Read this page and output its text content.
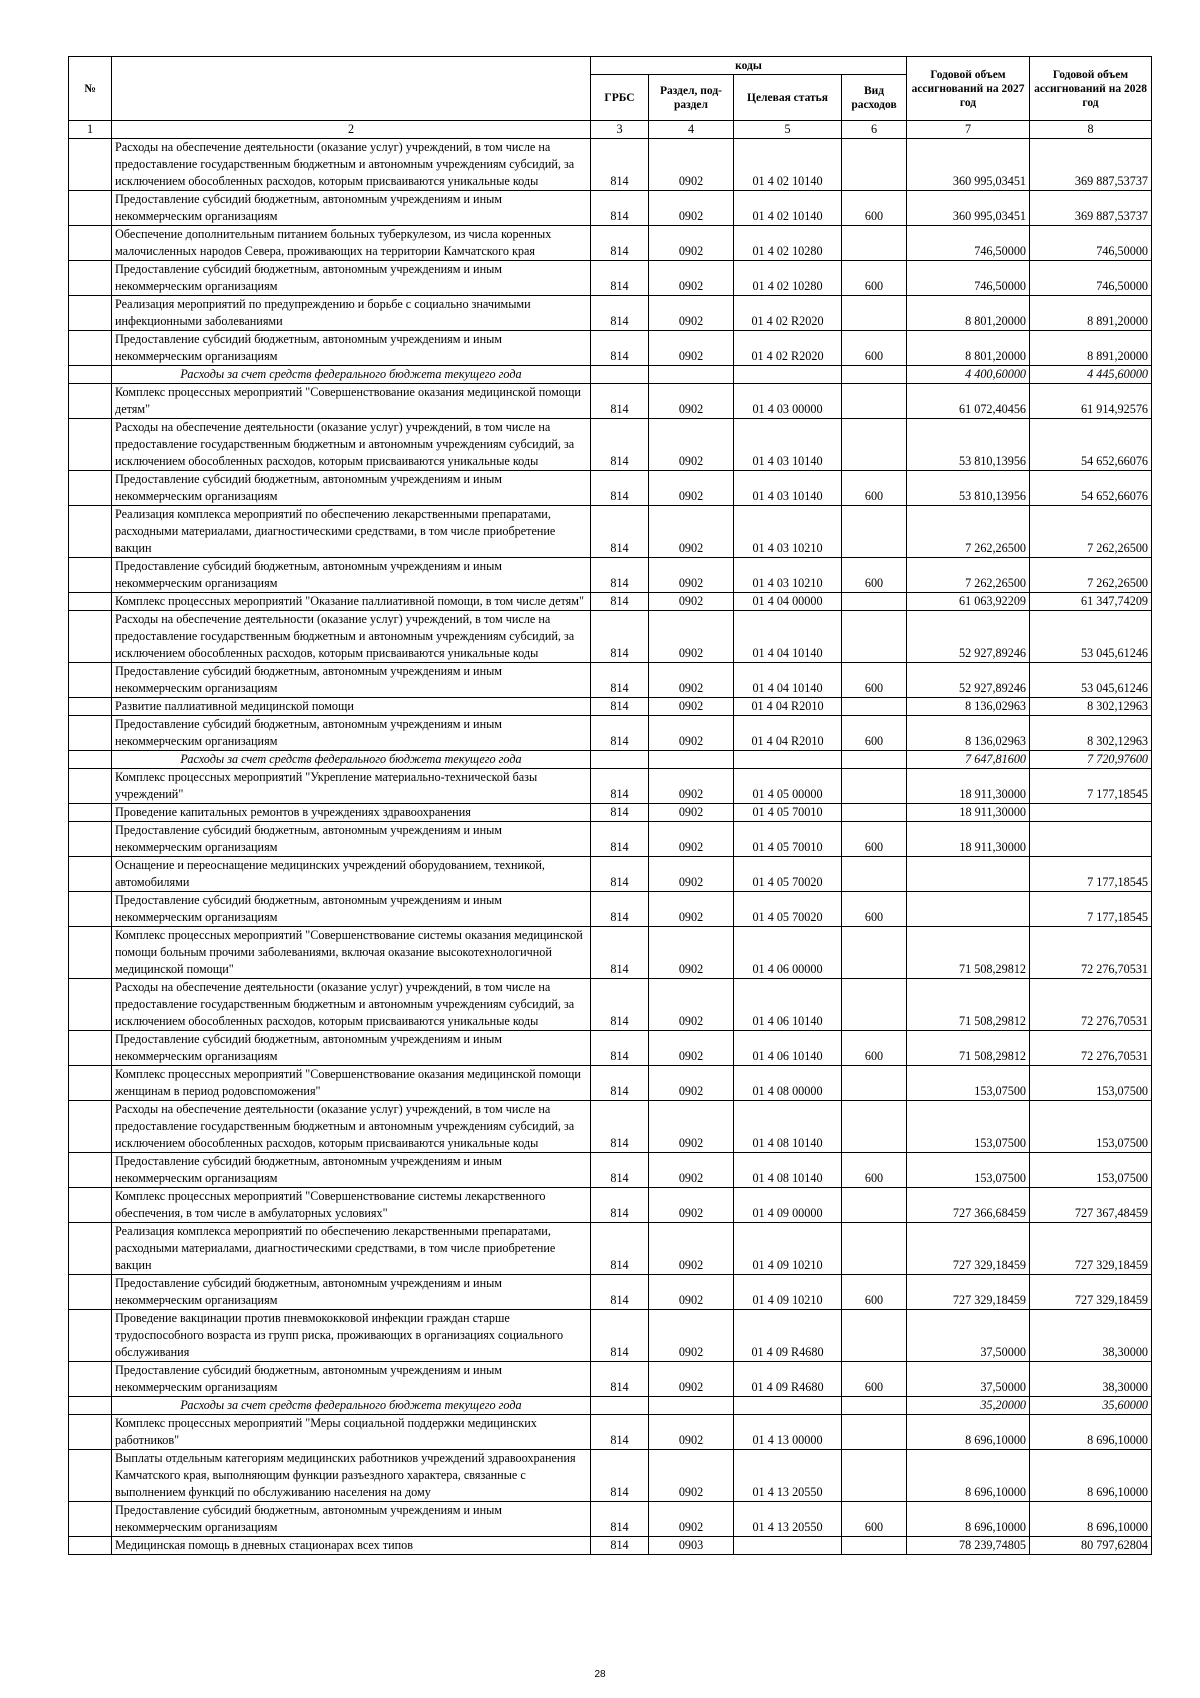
№		коды				Годовой объем ассигнований на 2027 год	Годовой объем ассигнований на 2028 год
		ГРБС	Раздел, под-раздел	Целевая статья	Вид расходов		
1	2	3	4	5	6	7	8
	Расходы на обеспечение деятельности (оказание услуг) учреждений, в том числе на предоставление государственным бюджетным и автономным учреждениям субсидий, за исключением обособленных расходов, которым присваиваются уникальные коды	814	0902	01 4 02 10140		360 995,03451	369 887,53737
	Предоставление субсидий бюджетным, автономным учреждениям и иным некоммерческим организациям	814	0902	01 4 02 10140	600	360 995,03451	369 887,53737
	Обеспечение дополнительным питанием больных туберкулезом, из числа коренных малочисленных народов Севера, проживающих на территории Камчатского края	814	0902	01 4 02 10280		746,50000	746,50000
	Предоставление субсидий бюджетным, автономным учреждениям и иным некоммерческим организациям	814	0902	01 4 02 10280	600	746,50000	746,50000
	Реализация мероприятий по предупреждению и борьбе с социально значимыми инфекционными заболеваниями	814	0902	01 4 02 R2020		8 801,20000	8 891,20000
	Предоставление субсидий бюджетным, автономным учреждениям и иным некоммерческим организациям	814	0902	01 4 02 R2020	600	8 801,20000	8 891,20000
	Расходы за счет средств федерального бюджета текущего года					4 400,60000	4 445,60000
	Комплекс процессных мероприятий "Совершенствование оказания медицинской помощи детям"	814	0902	01 4 03 00000		61 072,40456	61 914,92576
	Расходы на обеспечение деятельности (оказание услуг) учреждений, в том числе на предоставление государственным бюджетным и автономным учреждениям субсидий, за исключением обособленных расходов, которым присваиваются уникальные коды	814	0902	01 4 03 10140		53 810,13956	54 652,66076
	Предоставление субсидий бюджетным, автономным учреждениям и иным некоммерческим организациям	814	0902	01 4 03 10140	600	53 810,13956	54 652,66076
	Реализация комплекса мероприятий по обеспечению лекарственными препаратами, расходными материалами, диагностическими средствами, в том числе приобретение вакцин	814	0902	01 4 03 10210		7 262,26500	7 262,26500
	Предоставление субсидий бюджетным, автономным учреждениям и иным некоммерческим организациям	814	0902	01 4 03 10210	600	7 262,26500	7 262,26500
	Комплекс процессных мероприятий "Оказание паллиативной помощи, в том числе детям"	814	0902	01 4 04 00000		61 063,92209	61 347,74209
	Расходы на обеспечение деятельности (оказание услуг) учреждений, в том числе на предоставление государственным бюджетным и автономным учреждениям субсидий, за исключением обособленных расходов, которым присваиваются уникальные коды	814	0902	01 4 04 10140		52 927,89246	53 045,61246
	Предоставление субсидий бюджетным, автономным учреждениям и иным некоммерческим организациям	814	0902	01 4 04 10140	600	52 927,89246	53 045,61246
	Развитие паллиативной медицинской помощи	814	0902	01 4 04 R2010		8 136,02963	8 302,12963
	Предоставление субсидий бюджетным, автономным учреждениям и иным некоммерческим организациям	814	0902	01 4 04 R2010	600	8 136,02963	8 302,12963
	Расходы за счет средств федерального бюджета текущего года					7 647,81600	7 720,97600
	Комплекс процессных мероприятий "Укрепление материально-технической базы учреждений"	814	0902	01 4 05 00000		18 911,30000	7 177,18545
	Проведение капитальных ремонтов в учреждениях здравоохранения	814	0902	01 4 05 70010		18 911,30000	
	Предоставление субсидий бюджетным, автономным учреждениям и иным некоммерческим организациям	814	0902	01 4 05 70010	600	18 911,30000	
	Оснащение и переоснащение медицинских учреждений оборудованием, техникой, автомобилями	814	0902	01 4 05 70020			7 177,18545
	Предоставление субсидий бюджетным, автономным учреждениям и иным некоммерческим организациям	814	0902	01 4 05 70020	600		7 177,18545
	Комплекс процессных мероприятий "Совершенствование системы оказания медицинской помощи больным прочими заболеваниями, включая оказание высокотехнологичной медицинской помощи"	814	0902	01 4 06 00000		71 508,29812	72 276,70531
	Расходы на обеспечение деятельности (оказание услуг) учреждений, в том числе на предоставление государственным бюджетным и автономным учреждениям субсидий, за исключением обособленных расходов, которым присваиваются уникальные коды	814	0902	01 4 06 10140		71 508,29812	72 276,70531
	Предоставление субсидий бюджетным, автономным учреждениям и иным некоммерческим организациям	814	0902	01 4 06 10140	600	71 508,29812	72 276,70531
	Комплекс процессных мероприятий "Совершенствование оказания медицинской помощи женщинам в период родовспоможения"	814	0902	01 4 08 00000		153,07500	153,07500
	Расходы на обеспечение деятельности (оказание услуг) учреждений, в том числе на предоставление государственным бюджетным и автономным учреждениям субсидий, за исключением обособленных расходов, которым присваиваются уникальные коды	814	0902	01 4 08 10140		153,07500	153,07500
	Предоставление субсидий бюджетным, автономным учреждениям и иным некоммерческим организациям	814	0902	01 4 08 10140	600	153,07500	153,07500
	Комплекс процессных мероприятий "Совершенствование системы лекарственного обеспечения, в том числе в амбулаторных условиях"	814	0902	01 4 09 00000		727 366,68459	727 367,48459
	Реализация комплекса мероприятий по обеспечению лекарственными препаратами, расходными материалами, диагностическими средствами, в том числе приобретение вакцин	814	0902	01 4 09 10210		727 329,18459	727 329,18459
	Предоставление субсидий бюджетным, автономным учреждениям и иным некоммерческим организациям	814	0902	01 4 09 10210	600	727 329,18459	727 329,18459
	Проведение вакцинации против пневмококковой инфекции граждан старше трудоспособного возраста из групп риска, проживающих в организациях социального обслуживания	814	0902	01 4 09 R4680		37,50000	38,30000
	Предоставление субсидий бюджетным, автономным учреждениям и иным некоммерческим организациям	814	0902	01 4 09 R4680	600	37,50000	38,30000
	Расходы за счет средств федерального бюджета текущего года					35,20000	35,60000
	Комплекс процессных мероприятий "Меры социальной поддержки медицинских работников"	814	0902	01 4 13 00000		8 696,10000	8 696,10000
	Выплаты отдельным категориям медицинских работников учреждений здравоохранения Камчатского края, выполняющим функции разъездного характера, связанные с выполнением функций по обслуживанию населения на дому	814	0902	01 4 13 20550		8 696,10000	8 696,10000
	Предоставление субсидий бюджетным, автономным учреждениям и иным некоммерческим организациям	814	0902	01 4 13 20550	600	8 696,10000	8 696,10000
	Медицинская помощь в дневных стационарах всех типов	814	0903			78 239,74805	80 797,62804
28
